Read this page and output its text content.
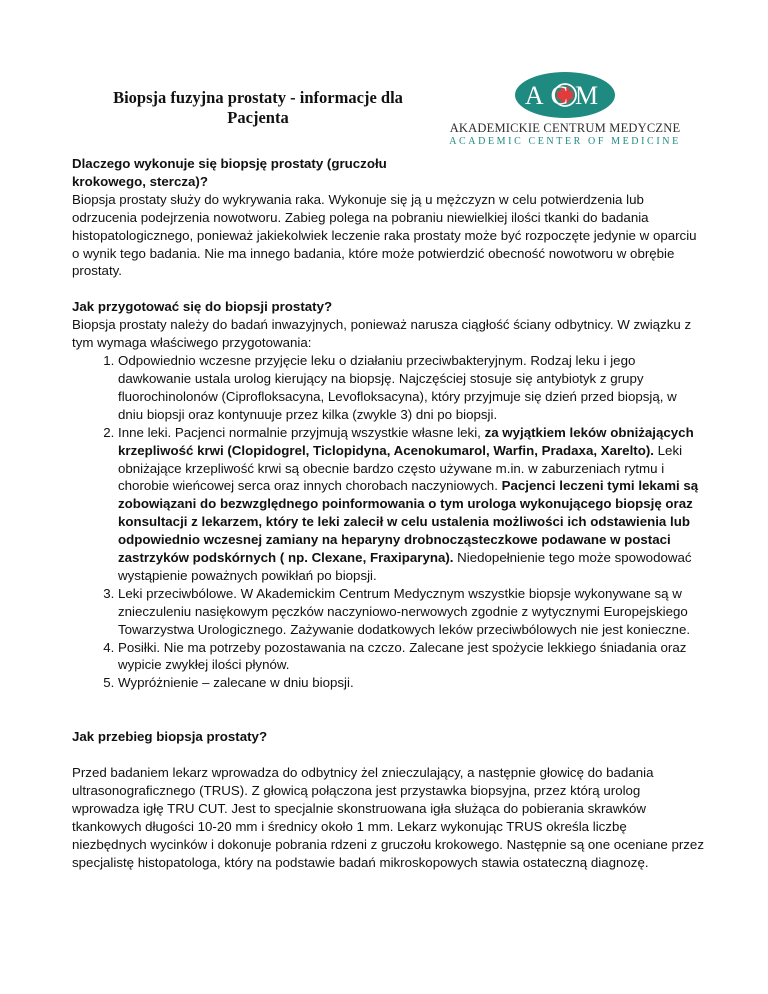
Biopsja fuzyjna prostaty - informacje dla
Pacjenta
ACM
AKADEMICKIE CENTRUM MEDYCZNE
ACADEMIC CENTER OF MEDICINE

Dlaczego wykonuje się biopsję prostaty (gruczołu
krokowego, stercza)?

Biopsja prostaty służy do wykrywania raka. Wykonuje się ją u mężczyzn w celu potwierdzenia lub odrzucenia podejrzenia nowotworu. Zabieg polega na pobraniu niewielkiej ilości tkanki do badania histopatologicznego, ponieważ jakiekolwiek leczenie raka prostaty może być rozpoczęte jedynie w oparciu o wynik tego badania. Nie ma innego badania, które może potwierdzić obecność nowotworu w obrębie prostaty.

Jak przygotować się do biopsji prostaty?

Biopsja prostaty należy do badań inwazyjnych, ponieważ narusza ciągłość ściany odbytnicy. W związku z tym wymaga właściwego przygotowania:

1. Odpowiednio wczesne przyjęcie leku o działaniu przeciwbakteryjnym. Rodzaj leku i jego dawkowanie ustala urolog kierujący na biopsję. Najczęściej stosuje się antybiotyk z grupy fluorochinolonów (Ciprofloksacyna, Levofloksacyna), który przyjmuje się dzień przed biopsją, w dniu biopsji oraz kontynuuje przez kilka (zwykle 3) dni po biopsji.
2. Inne leki. Pacjenci normalnie przyjmują wszystkie własne leki, za wyjątkiem leków obniżających krzepliwość krwi (Clopidogrel, Ticlopidyna, Acenokumarol, Warfin, Pradaxa, Xarelto). Leki obniżające krzepliwość krwi są obecnie bardzo często używane m.in. w zaburzeniach rytmu i chorobie wieńcowej serca oraz innych chorobach naczyniowych. Pacjenci leczeni tymi lekami są zobowiązani do bezwzględnego poinformowania o tym urologa wykonującego biopsję oraz konsultacji z lekarzem, który te leki zalecił w celu ustalenia możliwości ich odstawienia lub odpowiednio wczesnej zamiany na heparyny drobnocząsteczkowe podawane w postaci zastrzyków podskórnych ( np. Clexane, Fraxiparyna). Niedopełnienie tego może spowodować wystąpienie poważnych powikłań po biopsji.
3. Leki przeciwbólowe. W Akademickim Centrum Medycznym wszystkie biopsje wykonywane są w znieczuleniu nasiękowym pęczków naczyniowo-nerwowych zgodnie z wytycznymi Europejskiego Towarzystwa Urologicznego. Zażywanie dodatkowych leków przeciwbólowych nie jest konieczne.
4. Posiłki. Nie ma potrzeby pozostawania na czczo. Zalecane jest spożycie lekkiego śniadania oraz wypicie zwykłej ilości płynów.
5. Wypróżnienie – zalecane w dniu biopsji.

Jak przebieg biopsja prostaty?

Przed badaniem lekarz wprowadza do odbytnicy żel znieczulający, a następnie głowicę do badania ultrasonograficznego (TRUS). Z głowicą połączona jest przystawka biopsyjna, przez którą urolog wprowadza igłę TRU CUT. Jest to specjalnie skonstruowana igła służąca do pobierania skrawków tkankowych długości 10-20 mm i średnicy około 1 mm. Lekarz wykonując TRUS określa liczbę niezbędnych wycinków i dokonuje pobrania rdzeni z gruczołu krokowego. Następnie są one oceniane przez specjalistę histopatologa, który na podstawie badań mikroskopowych stawia ostateczną diagnozę.
